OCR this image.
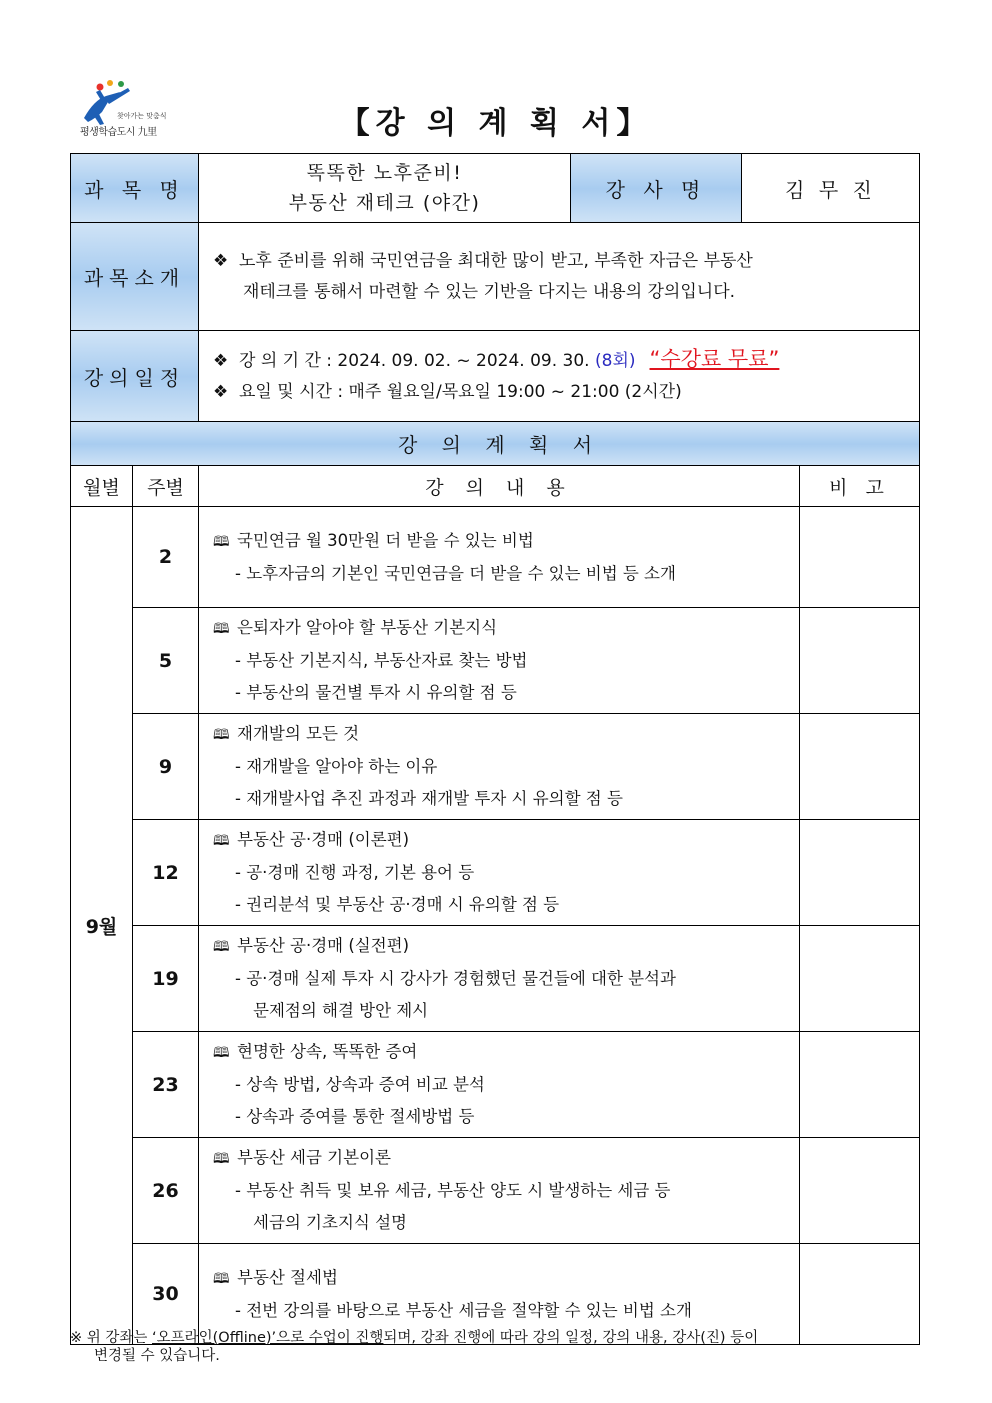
찾아가는 맞춤식
평생학습도시 九里	【강 의 계 획 서】
과 목 명	똑똑한 노후준비!
부동산 재테크 (야간)	강 사 명	김 무 진
과목소개	❖ 노후 준비를 위해 국민연금을 최대한 많이 받고, 부족한 자금은 부동산
재테크를 통해서 마련할 수 있는 기반을 다지는 내용의 강의입니다.		

강의일정	❖ 강 의 기 간 : 2024. 09. 02. ~ 2024. 09. 30. (8회) “수강료 무료”
❖ 요일 및 시간 : 매주 월요일/목요일 19:00 ~ 21:00 (2시간)		
강 의 계 획 서			
월별	주별	강 의 내 용	비 고
9월	2	🕮 국민연금 월 30만원 더 받을 수 있는 비법
- 노후자금의 기본인 국민연금을 더 받을 수 있는 비법 등 소개	

	5	🕮 은퇴자가 알아야 할 부동산 기본지식
- 부동산 기본지식, 부동산자료 찾는 방법
- 부동산의 물건별 투자 시 유의할 점 등	

	9	🕮 재개발의 모든 것
- 재개발을 알아야 하는 이유
- 재개발사업 추진 과정과 재개발 투자 시 유의할 점 등	

	12	🕮 부동산 공·경매 (이론편)
- 공·경매 진행 과정, 기본 용어 등
- 권리분석 및 부동산 공·경매 시 유의할 점 등	

	19	🕮 부동산 공·경매 (실전편)
- 공·경매 실제 투자 시 강사가 경험했던 물건들에 대한 분석과
문제점의 해결 방안 제시	

	23	🕮 현명한 상속, 똑똑한 증여
- 상속 방법, 상속과 증여 비교 분석
- 상속과 증여를 통한 절세방법 등	

	26	🕮 부동산 세금 기본이론
- 부동산 취득 및 보유 세금, 부동산 양도 시 발생하는 세금 등
세금의 기초지식 설명	

	30	🕮 부동산 절세법
- 전번 강의를 바탕으로 부동산 세금을 절약할 수 있는 비법 소개	

※ 위 강좌는 ‘오프라인(Offline)’으로 수업이 진행되며, 강좌 진행에 따라 강의 일정, 강의 내용, 강사(진) 등이
변경될 수 있습니다.
